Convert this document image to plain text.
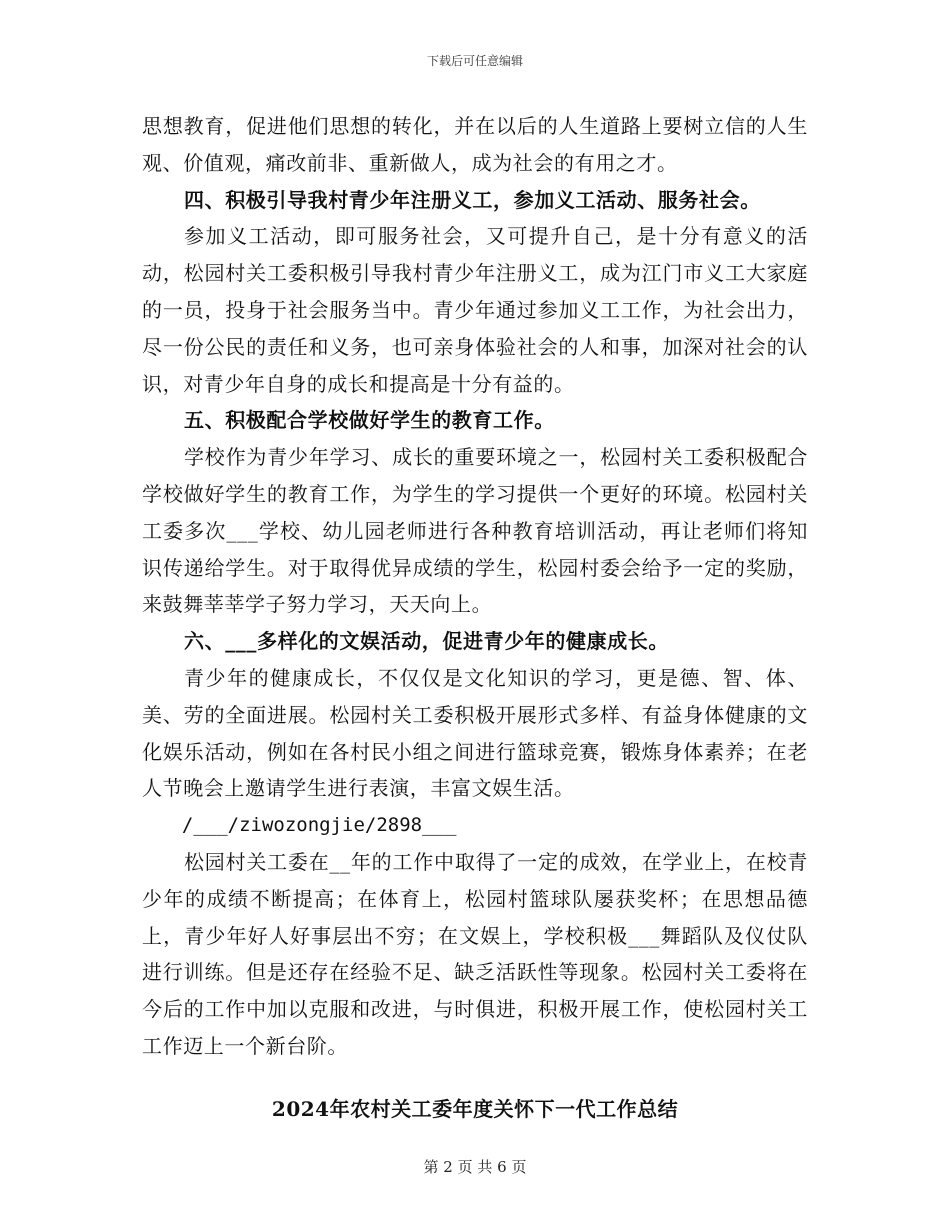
下载后可任意编辑

思想教育，促进他们思想的转化，并在以后的人生道路上要树立信的人生观、价值观，痛改前非、重新做人，成为社会的有用之才。

四、积极引导我村青少年注册义工，参加义工活动、服务社会。

参加义工活动，即可服务社会，又可提升自己，是十分有意义的活动，松园村关工委积极引导我村青少年注册义工，成为江门市义工大家庭的一员，投身于社会服务当中。青少年通过参加义工工作，为社会出力，尽一份公民的责任和义务，也可亲身体验社会的人和事，加深对社会的认识，对青少年自身的成长和提高是十分有益的。

五、积极配合学校做好学生的教育工作。

学校作为青少年学习、成长的重要环境之一，松园村关工委积极配合学校做好学生的教育工作，为学生的学习提供一个更好的环境。松园村关工委多次___学校、幼儿园老师进行各种教育培训活动，再让老师们将知识传递给学生。对于取得优异成绩的学生，松园村委会给予一定的奖励，来鼓舞莘莘学子努力学习，天天向上。

六、___多样化的文娱活动，促进青少年的健康成长。

青少年的健康成长，不仅仅是文化知识的学习，更是德、智、体、美、劳的全面进展。松园村关工委积极开展形式多样、有益身体健康的文化娱乐活动，例如在各村民小组之间进行篮球竞赛，锻炼身体素养；在老人节晚会上邀请学生进行表演，丰富文娱生活。

/___/ziwozongjie/2898___

松园村关工委在__年的工作中取得了一定的成效，在学业上，在校青少年的成绩不断提高；在体育上，松园村篮球队屡获奖杯；在思想品德上，青少年好人好事层出不穷；在文娱上，学校积极___舞蹈队及仪仗队进行训练。但是还存在经验不足、缺乏活跃性等现象。松园村关工委将在今后的工作中加以克服和改进，与时俱进，积极开展工作，使松园村关工工作迈上一个新台阶。

2024年农村关工委年度关怀下一代工作总结
第 2 页 共 6 页
